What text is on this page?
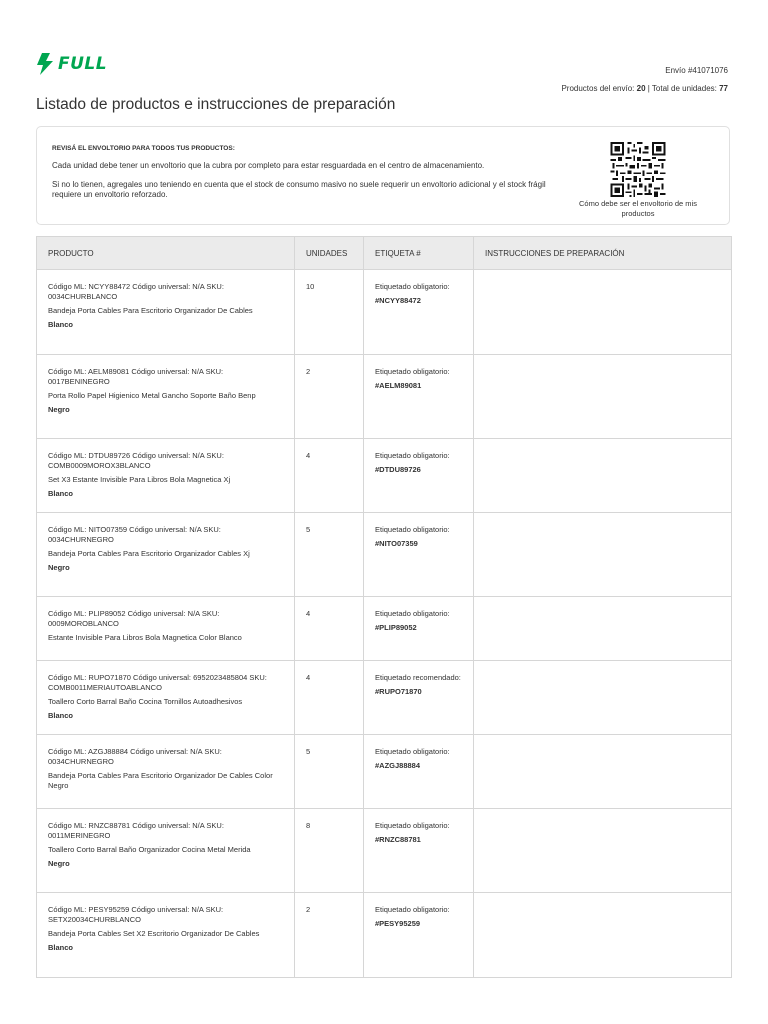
FULL	Envío #41071076
Productos del envío: 20 | Total de unidades: 77
Listado de productos e instrucciones de preparación
REVISÁ EL ENVOLTORIO PARA TODOS TUS PRODUCTOS:
Cada unidad debe tener un envoltorio que la cubra por completo para estar resguardada en el centro de almacenamiento.
Si no lo tienen, agregales uno teniendo en cuenta que el stock de consumo masivo no suele requerir un envoltorio adicional y el stock frágil requiere un envoltorio reforzado.
Cómo debe ser el envoltorio de mis productos
PRODUCTO	UNIDADES	ETIQUETA #	INSTRUCCIONES DE PREPARACIÓN

Código ML: NCYY88472 Código universal: N/A SKU: 0034CHURBLANCO
Bandeja Porta Cables Para Escritorio Organizador De Cables
Blanco	10	Etiquetado obligatorio:
#NCYY88472	

Código ML: AELM89081 Código universal: N/A SKU: 0017BENINEGRO
Porta Rollo Papel Higienico Metal Gancho Soporte Baño Benp
Negro	2	Etiquetado obligatorio:
#AELM89081	

Código ML: DTDU89726 Código universal: N/A SKU: COMB0009MOROX3BLANCO
Set X3 Estante Invisible Para Libros Bola Magnetica Xj
Blanco	4	Etiquetado obligatorio:
#DTDU89726	

Código ML: NITO07359 Código universal: N/A SKU: 0034CHURNEGRO
Bandeja Porta Cables Para Escritorio Organizador Cables Xj
Negro	5	Etiquetado obligatorio:
#NITO07359	

Código ML: PLIP89052 Código universal: N/A SKU: 0009MOROBLANCO
Estante Invisible Para Libros Bola Magnetica Color Blanco	4	Etiquetado obligatorio:
#PLIP89052	

Código ML: RUPO71870 Código universal: 6952023485804 SKU: COMB0011MERIAUTOABLANCO
Toallero Corto Barral Baño Cocina Tornillos Autoadhesivos
Blanco	4	Etiquetado recomendado:
#RUPO71870	

Código ML: AZGJ88884 Código universal: N/A SKU: 0034CHURNEGRO
Bandeja Porta Cables Para Escritorio Organizador De Cables Color Negro	5	Etiquetado obligatorio:
#AZGJ88884	

Código ML: RNZC88781 Código universal: N/A SKU: 0011MERINEGRO
Toallero Corto Barral Baño Organizador Cocina Metal Merida
Negro	8	Etiquetado obligatorio:
#RNZC88781	

Código ML: PESY95259 Código universal: N/A SKU: SETX20034CHURBLANCO
Bandeja Porta Cables Set X2 Escritorio Organizador De Cables
Blanco	2	Etiquetado obligatorio:
#PESY95259	
